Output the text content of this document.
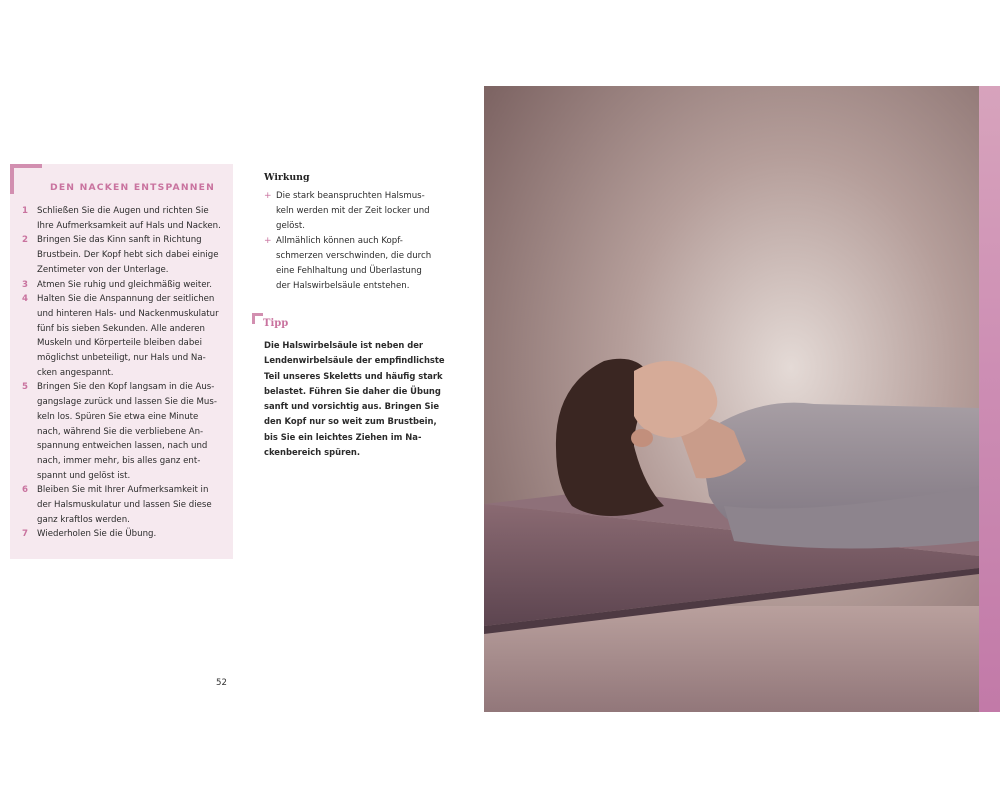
DEN NACKEN ENTSPANNEN
1 Schließen Sie die Augen und richten Sie
Ihre Aufmerksamkeit auf Hals und Nacken.
2 Bringen Sie das Kinn sanft in Richtung
Brustbein. Der Kopf hebt sich dabei einige
Zentimeter von der Unterlage.
3 Atmen Sie ruhig und gleichmäßig weiter.
4 Halten Sie die Anspannung der seitlichen
und hinteren Hals- und Nackenmuskulatur
fünf bis sieben Sekunden. Alle anderen
Muskeln und Körperteile bleiben dabei
möglichst unbeteiligt, nur Hals und Na-
cken angespannt.
5 Bringen Sie den Kopf langsam in die Aus-
gangslage zurück und lassen Sie die Mus-
keln los. Spüren Sie etwa eine Minute
nach, während Sie die verbliebene An-
spannung entweichen lassen, nach und
nach, immer mehr, bis alles ganz ent-
spannt und gelöst ist.
6 Bleiben Sie mit Ihrer Aufmerksamkeit in
der Halsmuskulatur und lassen Sie diese
ganz kraftlos werden.
7 Wiederholen Sie die Übung.
Wirkung
+ Die stark beanspruchten Halsmus-
keln werden mit der Zeit locker und
gelöst.
+ Allmählich können auch Kopf-
schmerzen verschwinden, die durch
eine Fehlhaltung und Überlastung
der Halswirbelsäule entstehen.
Tipp
Die Halswirbelsäule ist neben der
Lendenwirbelsäule der empfindlichste
Teil unseres Skeletts und häufig stark
belastet. Führen Sie daher die Übung
sanft und vorsichtig aus. Bringen Sie
den Kopf nur so weit zum Brustbein,
bis Sie ein leichtes Ziehen im Na-
ckenbereich spüren.
52
